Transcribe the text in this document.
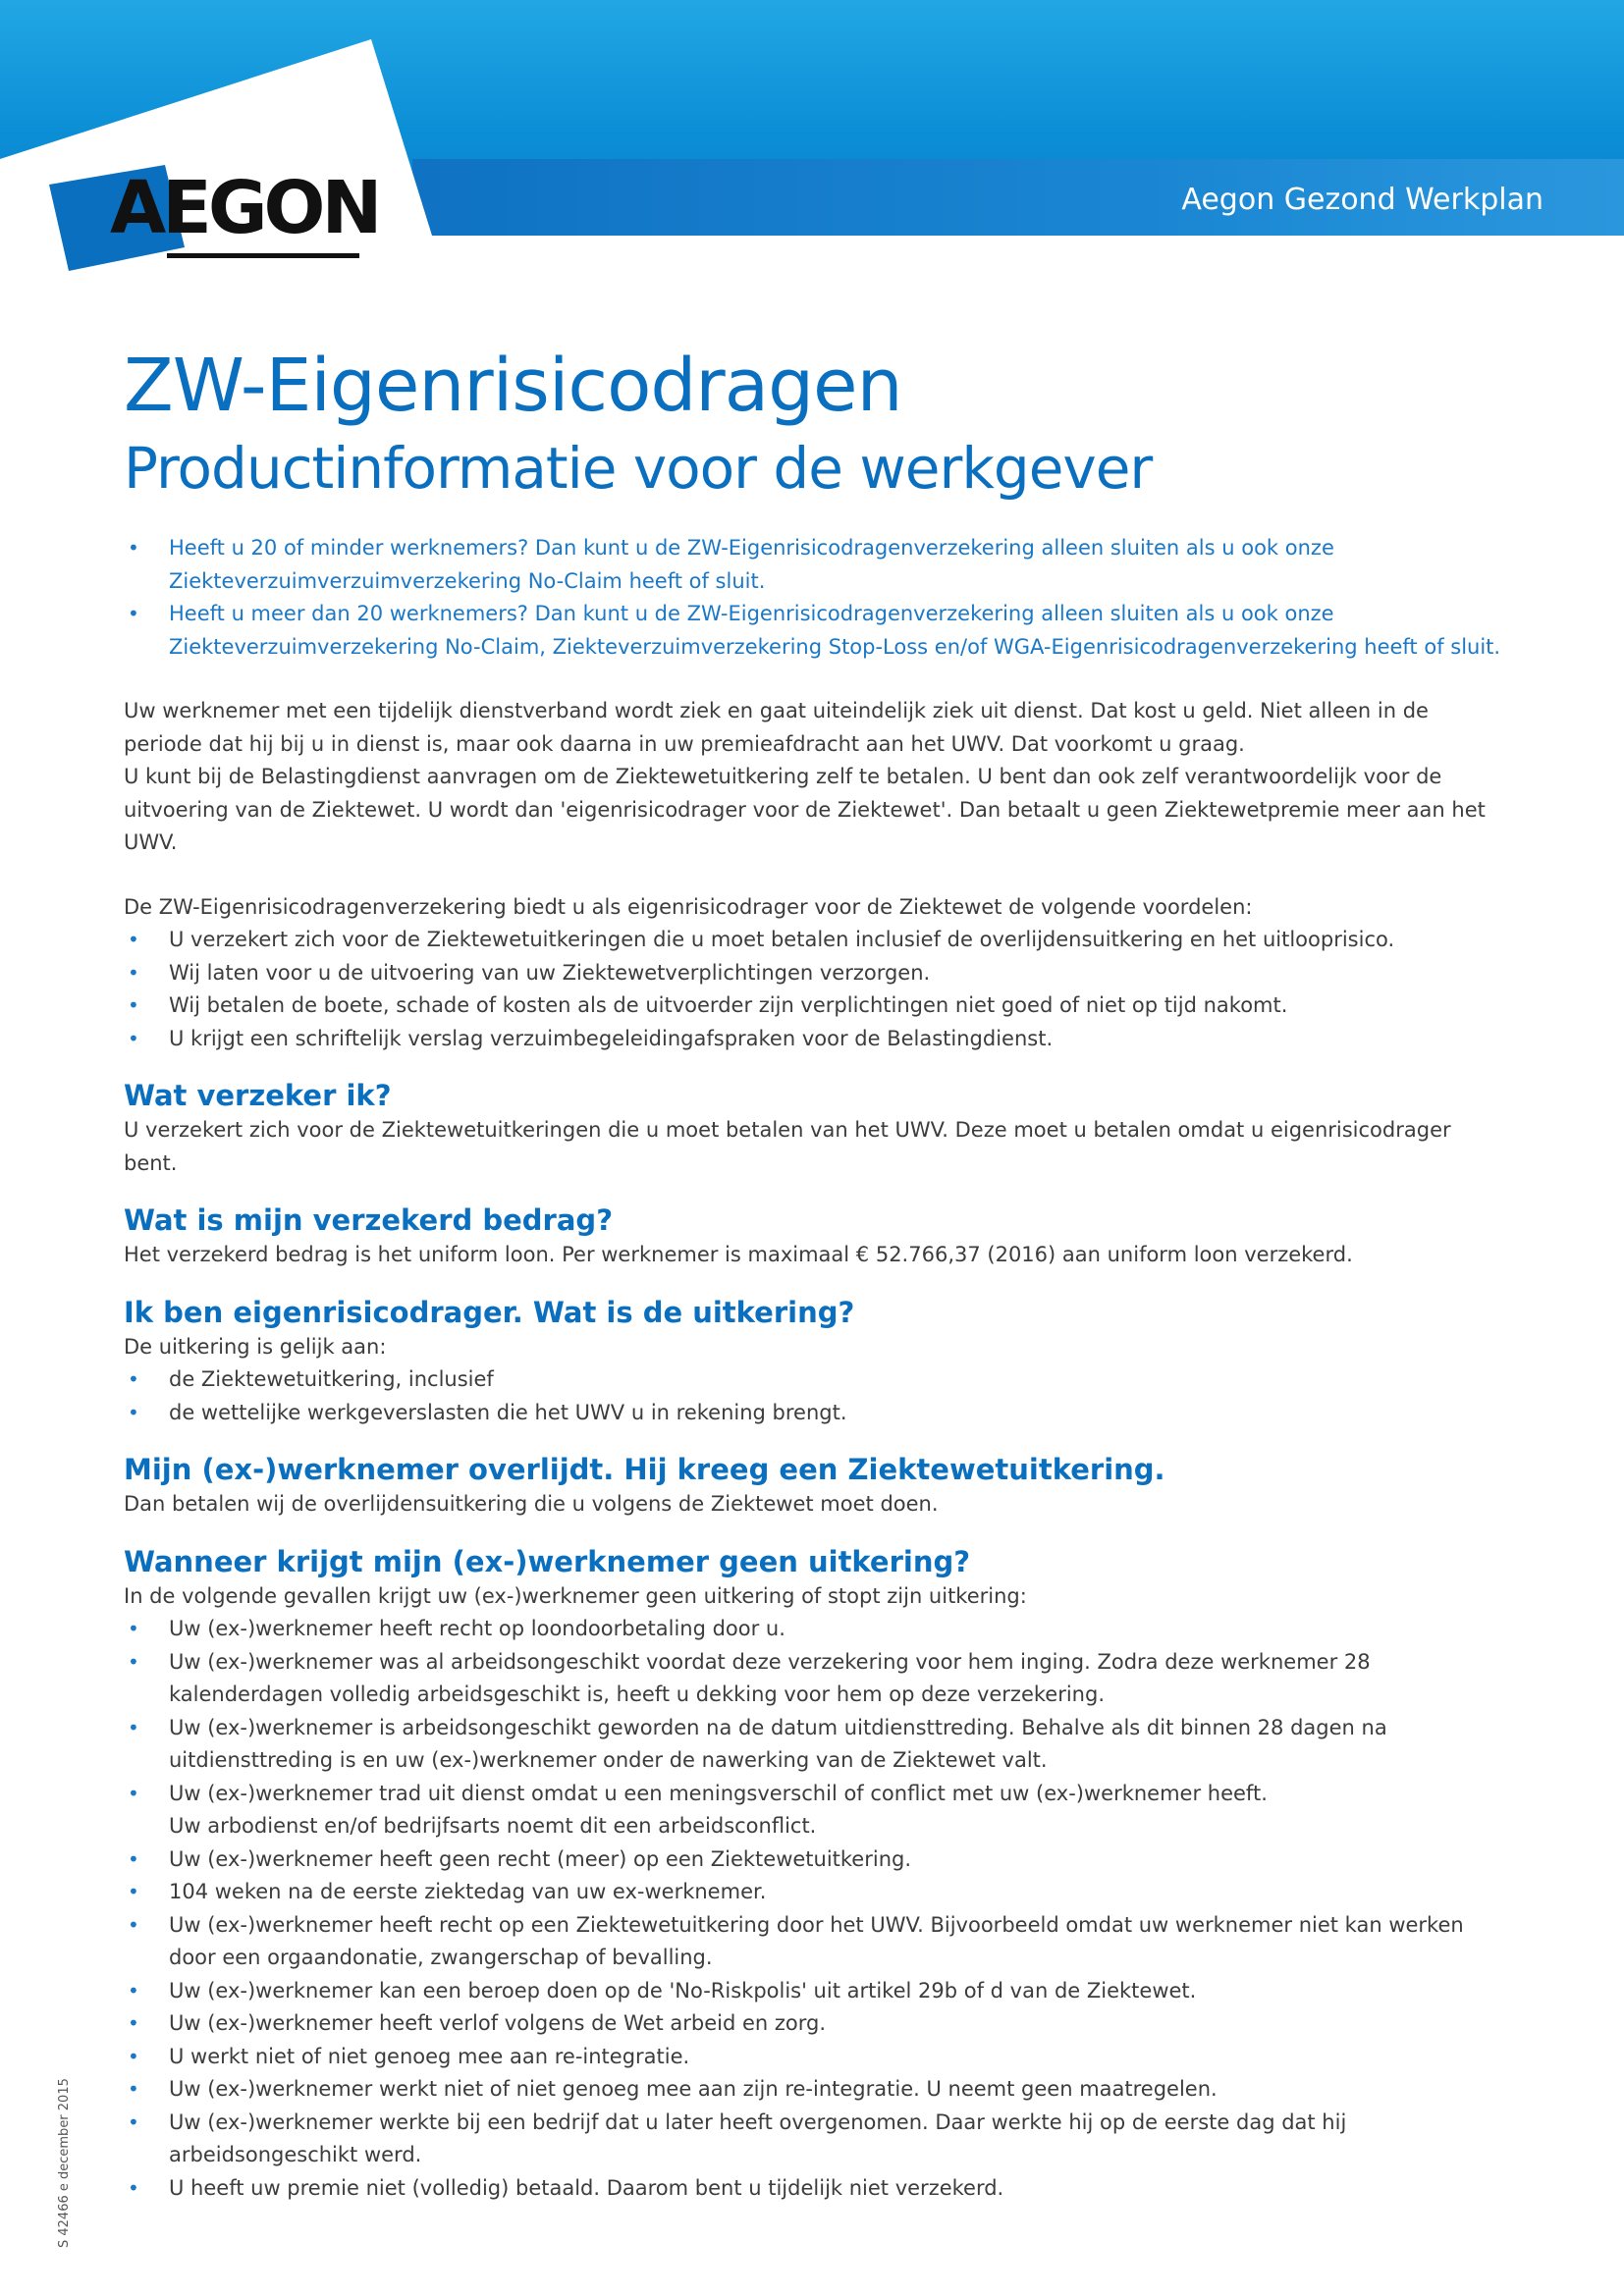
Aegon Gezond Werkplan
AEGON
S 42466 e december 2015
ZW-Eigenrisicodragen
Productinformatie voor de werkgever
• Heeft u 20 of minder werknemers? Dan kunt u de ZW-Eigenrisicodragenverzekering alleen sluiten als u ook onze Ziekteverzuimverzuimverzekering No-Claim heeft of sluit.
• Heeft u meer dan 20 werknemers? Dan kunt u de ZW-Eigenrisicodragenverzekering alleen sluiten als u ook onze Ziekteverzuimverzekering No-Claim, Ziekteverzuimverzekering Stop-Loss en/of WGA-Eigenrisicodragenverzekering heeft of sluit.

Uw werknemer met een tijdelijk dienstverband wordt ziek en gaat uiteindelijk ziek uit dienst. Dat kost u geld. Niet alleen in de periode dat hij bij u in dienst is, maar ook daarna in uw premieafdracht aan het UWV. Dat voorkomt u graag.

U kunt bij de Belastingdienst aanvragen om de Ziektewetuitkering zelf te betalen. U bent dan ook zelf verantwoordelijk voor de uitvoering van de Ziektewet. U wordt dan 'eigenrisicodrager voor de Ziektewet'. Dan betaalt u geen Ziektewetpremie meer aan het UWV.

De ZW-Eigenrisicodragenverzekering biedt u als eigenrisicodrager voor de Ziektewet de volgende voordelen:

• U verzekert zich voor de Ziektewetuitkeringen die u moet betalen inclusief de overlijdensuitkering en het uitlooprisico.
• Wij laten voor u de uitvoering van uw Ziektewetverplichtingen verzorgen.
• Wij betalen de boete, schade of kosten als de uitvoerder zijn verplichtingen niet goed of niet op tijd nakomt.
• U krijgt een schriftelijk verslag verzuimbegeleidingafspraken voor de Belastingdienst.
Wat verzeker ik?

U verzekert zich voor de Ziektewetuitkeringen die u moet betalen van het UWV. Deze moet u betalen omdat u eigenrisicodrager bent.

Wat is mijn verzekerd bedrag?

Het verzekerd bedrag is het uniform loon. Per werknemer is maximaal € 52.766,37 (2016) aan uniform loon verzekerd.

Ik ben eigenrisicodrager. Wat is de uitkering?

De uitkering is gelijk aan:

• de Ziektewetuitkering, inclusief
• de wettelijke werkgeverslasten die het UWV u in rekening brengt.
Mijn (ex-)werknemer overlijdt. Hij kreeg een Ziektewetuitkering.

Dan betalen wij de overlijdensuitkering die u volgens de Ziektewet moet doen.

Wanneer krijgt mijn (ex-)werknemer geen uitkering?

In de volgende gevallen krijgt uw (ex-)werknemer geen uitkering of stopt zijn uitkering:

• Uw (ex-)werknemer heeft recht op loondoorbetaling door u.
• Uw (ex-)werknemer was al arbeidsongeschikt voordat deze verzekering voor hem inging. Zodra deze werknemer 28 kalenderdagen volledig arbeidsgeschikt is, heeft u dekking voor hem op deze verzekering.
• Uw (ex-)werknemer is arbeidsongeschikt geworden na de datum uitdiensttreding. Behalve als dit binnen 28 dagen na uitdiensttreding is en uw (ex-)werknemer onder de nawerking van de Ziektewet valt.
• Uw (ex-)werknemer trad uit dienst omdat u een meningsverschil of conflict met uw (ex-)werknemer heeft.
Uw arbodienst en/of bedrijfsarts noemt dit een arbeidsconflict.
• Uw (ex-)werknemer heeft geen recht (meer) op een Ziektewetuitkering.
• 104 weken na de eerste ziektedag van uw ex-werknemer.
• Uw (ex-)werknemer heeft recht op een Ziektewetuitkering door het UWV. Bijvoorbeeld omdat uw werknemer niet kan werken door een orgaandonatie, zwangerschap of bevalling.
• Uw (ex-)werknemer kan een beroep doen op de 'No-Riskpolis' uit artikel 29b of d van de Ziektewet.
• Uw (ex-)werknemer heeft verlof volgens de Wet arbeid en zorg.
• U werkt niet of niet genoeg mee aan re-integratie.
• Uw (ex-)werknemer werkt niet of niet genoeg mee aan zijn re-integratie. U neemt geen maatregelen.
• Uw (ex-)werknemer werkte bij een bedrijf dat u later heeft overgenomen. Daar werkte hij op de eerste dag dat hij arbeidsongeschikt werd.
• U heeft uw premie niet (volledig) betaald. Daarom bent u tijdelijk niet verzekerd.
